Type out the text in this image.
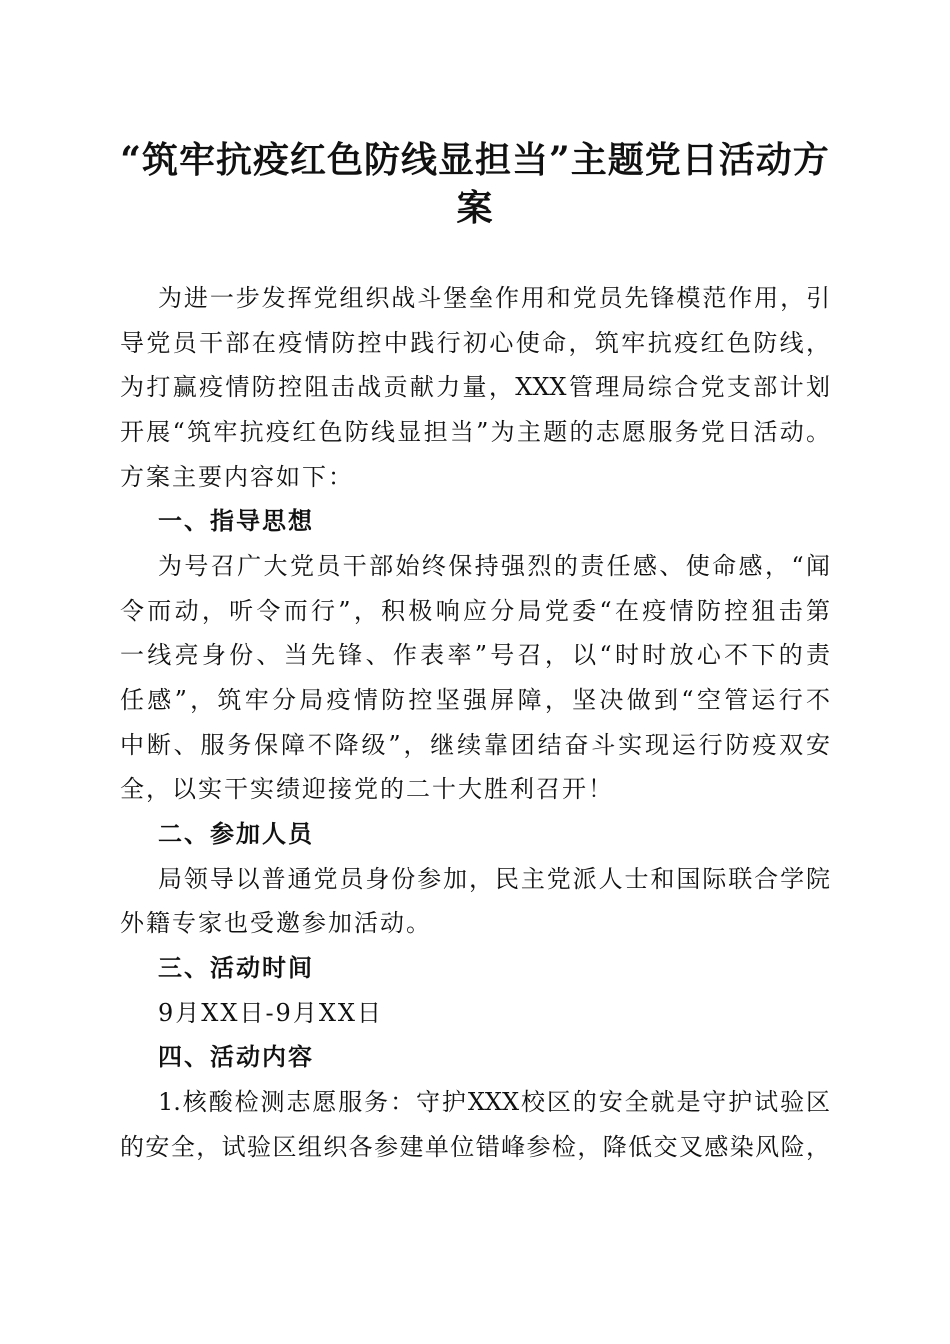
“筑牢抗疫红色防线显担当”主题党日活动方
案
为进一步发挥党组织战斗堡垒作用和党员先锋模范作用，引
导党员干部在疫情防控中践行初心使命，筑牢抗疫红色防线，
为打赢疫情防控阻击战贡献力量，XXX管理局综合党支部计划
开展“筑牢抗疫红色防线显担当”为主题的志愿服务党日活动。
方案主要内容如下：
一、指导思想
为号召广大党员干部始终保持强烈的责任感、使命感，“闻
令而动，听令而行”，积极响应分局党委“在疫情防控狙击第
一线亮身份、当先锋、作表率”号召，以“时时放心不下的责
任感”，筑牢分局疫情防控坚强屏障，坚决做到“空管运行不
中断、服务保障不降级”，继续靠团结奋斗实现运行防疫双安
全，以实干实绩迎接党的二十大胜利召开！
二、参加人员
局领导以普通党员身份参加，民主党派人士和国际联合学院
外籍专家也受邀参加活动。
三、活动时间
9月XX日-9月XX日
四、活动内容
1.核酸检测志愿服务：守护XXX校区的安全就是守护试验区
的安全，试验区组织各参建单位错峰参检，降低交叉感染风险，
